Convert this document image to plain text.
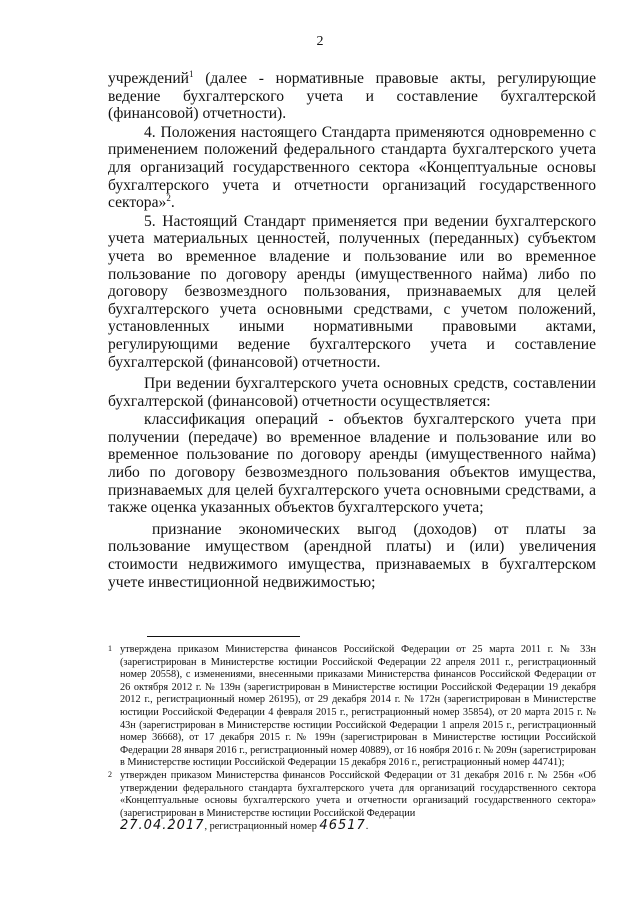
2

учреждений$^1$ (далее - нормативные правовые акты, регулирующие ведение бухгалтерского учета и составление бухгалтерской (финансовой) отчетности).

4. Положения настоящего Стандарта применяются одновременно с применением положений федерального стандарта бухгалтерского учета для организаций государственного сектора «Концептуальные основы бухгалтерского учета и отчетности организаций государственного сектора»$^2$.

5. Настоящий Стандарт применяется при ведении бухгалтерского учета материальных ценностей, полученных (переданных) субъектом учета во временное владение и пользование или во временное пользование по договору аренды (имущественного найма) либо по договору безвозмездного пользования, признаваемых для целей бухгалтерского учета основными средствами, с учетом положений, установленных иными нормативными правовыми актами, регулирующими ведение бухгалтерского учета и составление бухгалтерской (финансовой) отчетности.

При ведении бухгалтерского учета основных средств, составлении бухгалтерской (финансовой) отчетности осуществляется:

классификация операций - объектов бухгалтерского учета при получении (передаче) во временное владение и пользование или во временное пользование по договору аренды (имущественного найма) либо по договору безвозмездного пользования объектов имущества, признаваемых для целей бухгалтерского учета основными средствами, а также оценка указанных объектов бухгалтерского учета;

признание экономических выгод (доходов) от платы за пользование имуществом (арендной платы) и (или) увеличения стоимости недвижимого имущества, признаваемых в бухгалтерском учете инвестиционной недвижимостью;

1 утверждена приказом Министерства финансов Российской Федерации от 25 марта 2011 г. № 33н (зарегистрирован в Министерстве юстиции Российской Федерации 22 апреля 2011 г., регистрационный номер 20558), с изменениями, внесенными приказами Министерства финансов Российской Федерации от 26 октября 2012 г. № 139н (зарегистрирован в Министерстве юстиции Российской Федерации 19 декабря 2012 г., регистрационный номер 26195), от 29 декабря 2014 г. № 172н (зарегистрирован в Министерстве юстиции Российской Федерации 4 февраля 2015 г., регистрационный номер 35854), от 20 марта 2015 г. № 43н (зарегистрирован в Министерстве юстиции Российской Федерации 1 апреля 2015 г., регистрационный номер 36668), от 17 декабря 2015 г. № 199н (зарегистрирован в Министерстве юстиции Российской Федерации 28 января 2016 г., регистрационный номер 40889), от 16 ноября 2016 г. № 209н (зарегистрирован в Министерстве юстиции Российской Федерации 15 декабря 2016 г., регистрационный номер 44741);

2 утвержден приказом Министерства финансов Российской Федерации от 31 декабря 2016 г. № 256н «Об утверждении федерального стандарта бухгалтерского учета для организаций государственного сектора «Концептуальные основы бухгалтерского учета и отчетности организаций государственного сектора» (зарегистрирован в Министерстве юстиции Российской Федерации
27.04.2017, регистрационный номер 46517.
